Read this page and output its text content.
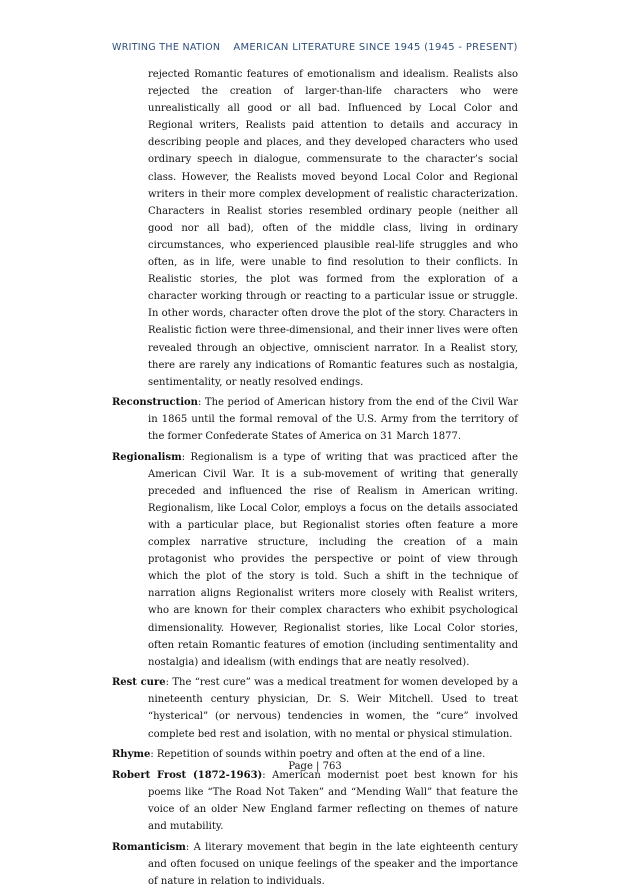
WRITING THE NATION AMERICAN LITERATURE SINCE 1945 (1945 - PRESENT)

rejected Romantic features of emotionalism and idealism. Realists also rejected the creation of larger-than-life characters who were unrealistically all good or all bad. Influenced by Local Color and Regional writers, Realists paid attention to details and accuracy in describing people and places, and they developed characters who used ordinary speech in dialogue, commensurate to the character’s social class. However, the Realists moved beyond Local Color and Regional writers in their more complex development of realistic characterization. Characters in Realist stories resembled ordinary people (neither all good nor all bad), often of the middle class, living in ordinary circumstances, who experienced plausible real-life struggles and who often, as in life, were unable to find resolution to their conflicts. In Realistic stories, the plot was formed from the exploration of a character working through or reacting to a particular issue or struggle. In other words, character often drove the plot of the story. Characters in Realistic fiction were three-dimensional, and their inner lives were often revealed through an objective, omniscient narrator. In a Realist story, there are rarely any indications of Romantic features such as nostalgia, sentimentality, or neatly resolved endings.

Reconstruction: The period of American history from the end of the Civil War in 1865 until the formal removal of the U.S. Army from the territory of the former Confederate States of America on 31 March 1877.

Regionalism: Regionalism is a type of writing that was practiced after the American Civil War. It is a sub-movement of writing that generally preceded and influenced the rise of Realism in American writing. Regionalism, like Local Color, employs a focus on the details associated with a particular place, but Regionalist stories often feature a more complex narrative structure, including the creation of a main protagonist who provides the perspective or point of view through which the plot of the story is told. Such a shift in the technique of narration aligns Regionalist writers more closely with Realist writers, who are known for their complex characters who exhibit psychological dimensionality. However, Regionalist stories, like Local Color stories, often retain Romantic features of emotion (including sentimentality and nostalgia) and idealism (with endings that are neatly resolved).

Rest cure: The “rest cure” was a medical treatment for women developed by a nineteenth century physician, Dr. S. Weir Mitchell. Used to treat “hysterical” (or nervous) tendencies in women, the “cure” involved complete bed rest and isolation, with no mental or physical stimulation.

Rhyme: Repetition of sounds within poetry and often at the end of a line.

Robert Frost (1872-1963): American modernist poet best known for his poems like “The Road Not Taken” and “Mending Wall” that feature the voice of an older New England farmer reflecting on themes of nature and mutability.

Romanticism: A literary movement that begin in the late eighteenth century and often focused on unique feelings of the speaker and the importance of nature in relation to individuals.

Page | 763
